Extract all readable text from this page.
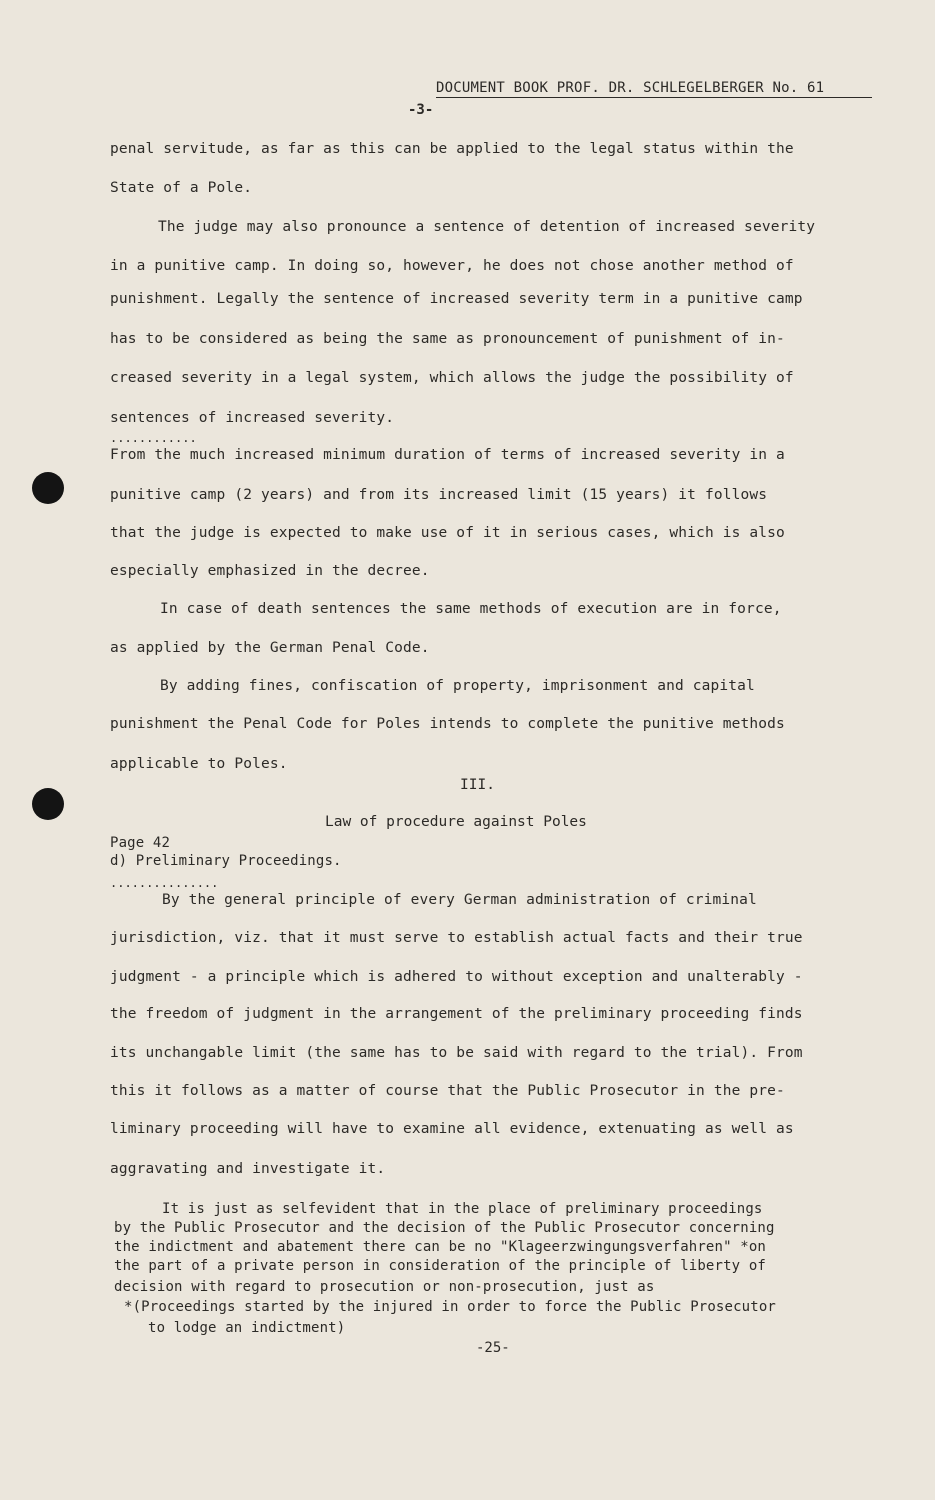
DOCUMENT BOOK PROF. DR. SCHLEGELBERGER No. 61
-3-
penal servitude, as far as this can be applied to the legal status within the
State of a Pole.
The judge may also pronounce a sentence of detention of increased severity
in a punitive camp. In doing so, however, he does not chose another method of
punishment. Legally the sentence of increased severity term in a punitive camp
has to be considered as being the same as pronouncement of punishment of in-
creased severity in a legal system, which allows the judge the possibility of
sentences of increased severity.
............
From the much increased minimum duration of terms of increased severity in a
punitive camp (2 years) and from its increased limit (15 years) it follows
that the judge is expected to make use of it in serious cases, which is also
especially emphasized in the decree.
In case of death sentences the same methods of execution are in force,
as applied by the German Penal Code.
By adding fines, confiscation of property, imprisonment and capital
punishment the Penal Code for Poles intends to complete the punitive methods
applicable to Poles.
III.
Law of procedure against Poles
Page 42
d) Preliminary Proceedings.
...............
By the general principle of every German administration of criminal
jurisdiction, viz. that it must serve to establish actual facts and their true
judgment - a principle which is adhered to without exception and unalterably -
the freedom of judgment in the arrangement of the preliminary proceeding finds
its unchangable limit (the same has to be said with regard to the trial). From
this it follows as a matter of course that the Public Prosecutor in the pre-
liminary proceeding will have to examine all evidence, extenuating as well as
aggravating and investigate it.
It is just as selfevident that in the place of preliminary proceedings
by the Public Prosecutor and the decision of the Public Prosecutor concerning
the indictment and abatement there can be no "Klageerzwingungsverfahren" *on
the part of a private person in consideration of the principle of liberty of
decision with regard to prosecution or non-prosecution, just as
*(Proceedings started by the injured in order to force the Public Prosecutor
to lodge an indictment)
-25-
